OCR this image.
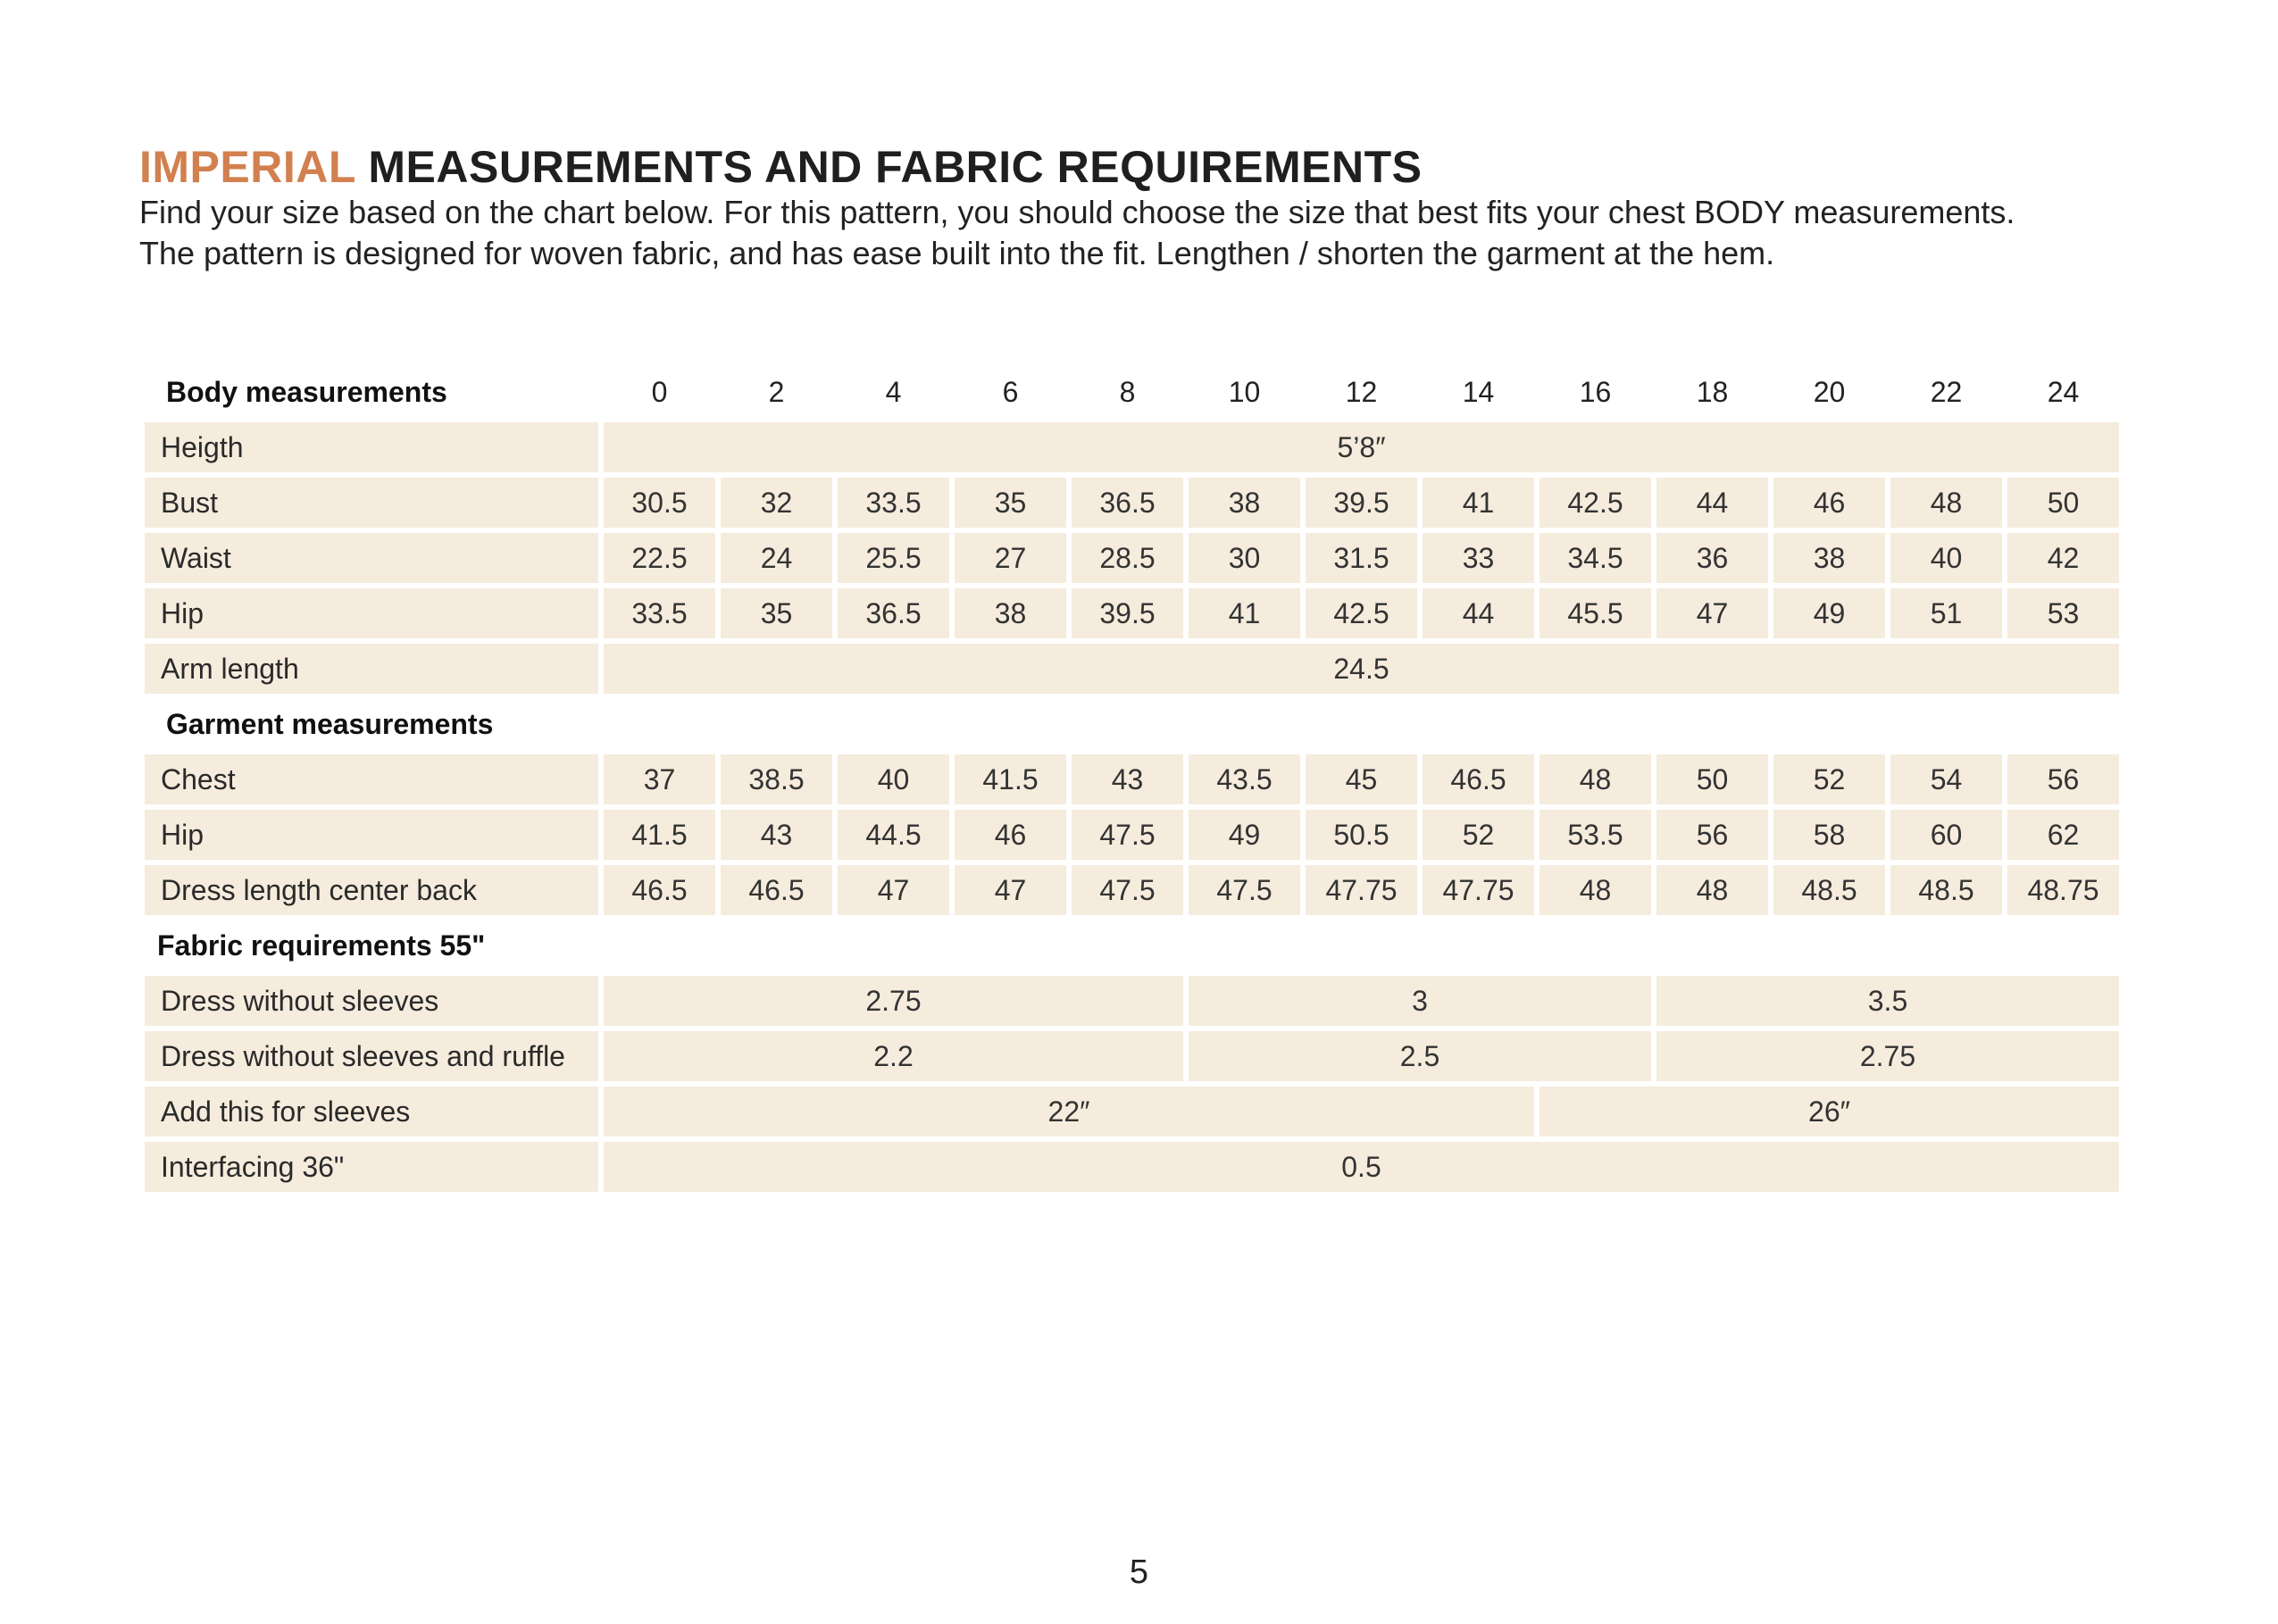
IMPERIAL MEASUREMENTS AND FABRIC REQUIREMENTS

Find your size based on the chart below. For this pattern, you should choose the size that best fits your chest BODY measurements.

The pattern is designed for woven fabric, and has ease built into the fit. Lengthen / shorten the garment at the hem.

Body measurements	0	2	4	6	8	10	12	14	16	18	20	22	24
Heigth	5’8″												
Bust	30.5	32	33.5	35	36.5	38	39.5	41	42.5	44	46	48	50
Waist	22.5	24	25.5	27	28.5	30	31.5	33	34.5	36	38	40	42
Hip	33.5	35	36.5	38	39.5	41	42.5	44	45.5	47	49	51	53
Arm length	24.5												
Garment measurements													
Chest	37	38.5	40	41.5	43	43.5	45	46.5	48	50	52	54	56
Hip	41.5	43	44.5	46	47.5	49	50.5	52	53.5	56	58	60	62
Dress length center back	46.5	46.5	47	47	47.5	47.5	47.75	47.75	48	48	48.5	48.5	48.75
Fabric requirements 55"													
Dress without sleeves	2.75					3				3.5			
Dress without sleeves and ruffle	2.2					2.5				2.75			
Add this for sleeves	22″								26″				
Interfacing 36"	0.5												
5
